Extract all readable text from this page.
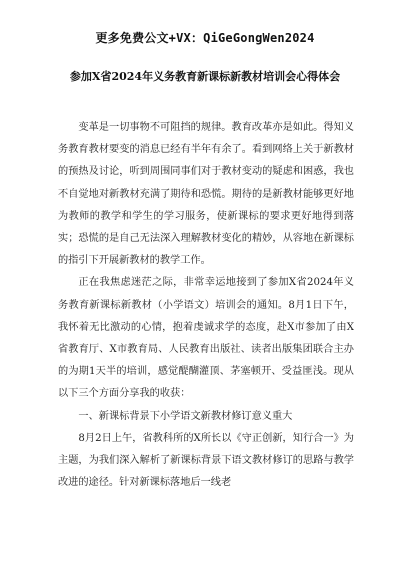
更多免费公文+VX：QiGeGongWen2024
参加X省2024年义务教育新课标新教材培训会心得体会

变革是一切事物不可阻挡的规律。教育改革亦是如此。得知义务教育教材要变的消息已经有半年有余了。看到网络上关于新教材的预热及讨论，听到周围同事们对于教材变动的疑虑和困惑，我也不自觉地对新教材充满了期待和恐慌。期待的是新教材能够更好地为教师的教学和学生的学习服务，使新课标的要求更好地得到落实；恐慌的是自己无法深入理解教材变化的精妙，从容地在新课标的指引下开展新教材的教学工作。

正在我焦虑迷茫之际，非常幸运地接到了参加X省2024年义务教育新课标新教材（小学语文）培训会的通知。8月1日下午，我怀着无比激动的心情，抱着虔诚求学的态度，赴X市参加了由X省教育厅、X市教育局、人民教育出版社、读者出版集团联合主办的为期1天半的培训，感觉醍醐灌顶、茅塞顿开、受益匪浅。现从以下三个方面分享我的收获：

一、新课标背景下小学语文新教材修订意义重大

8月2日上午，省教科所的X所长以《守正创新，知行合一》为主题，为我们深入解析了新课标背景下语文教材修订的思路与教学改进的途径。针对新课标落地后一线老
